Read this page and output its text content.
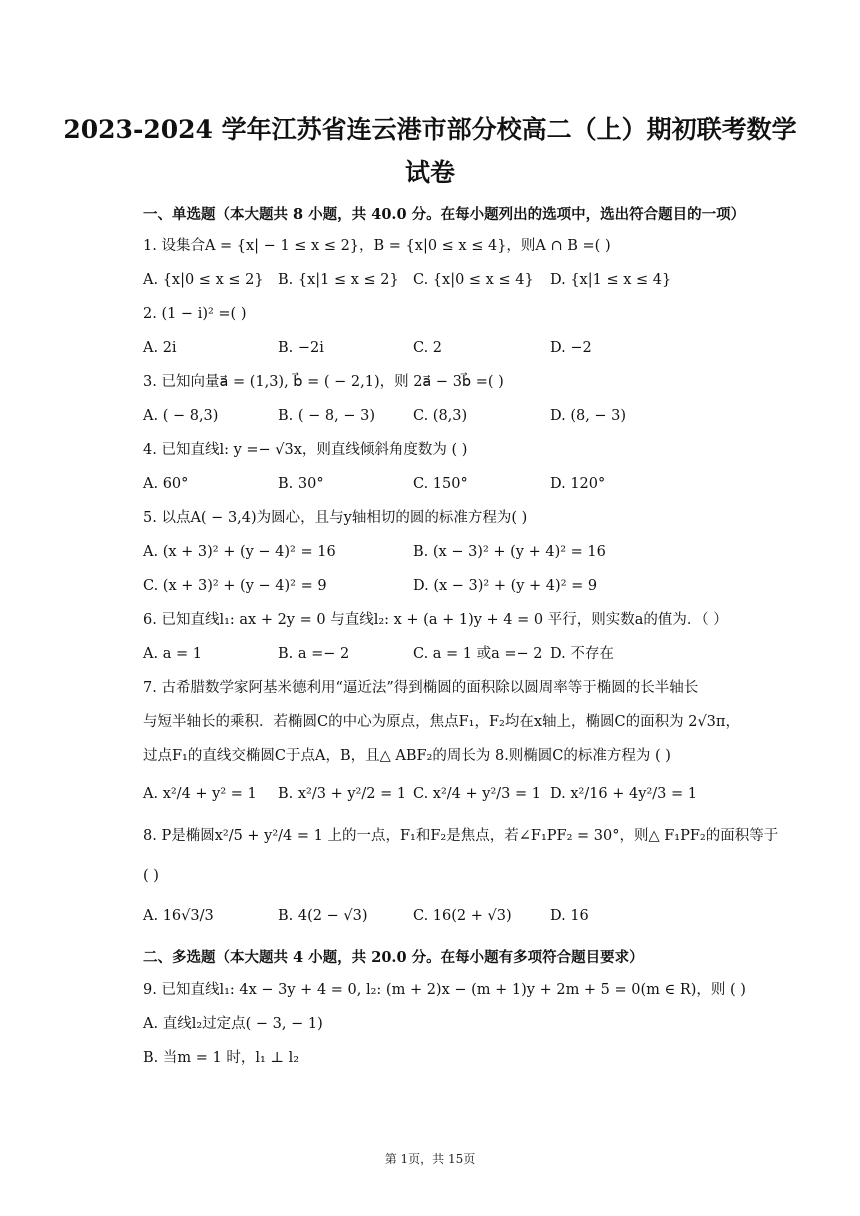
2023-2024 学年江苏省连云港市部分校高二（上）期初联考数学
试卷
一、单选题（本大题共 8 小题，共 40.0 分。在每小题列出的选项中，选出符合题目的一项）
1. 设集合A = {x| − 1 ≤ x ≤ 2}，B = {x|0 ≤ x ≤ 4}，则A ∩ B =( )
A. {x|0 ≤ x ≤ 2} B. {x|1 ≤ x ≤ 2} C. {x|0 ≤ x ≤ 4} D. {x|1 ≤ x ≤ 4}
2. (1 − i)² =( )
A. 2i	B. −2i	C. 2	D. −2
3. 已知向量a⃗ = (1,3), b⃗ = ( − 2,1)，则 2a⃗ − 3b⃗ =( )
A. ( − 8,3)	B. ( − 8, − 3)	C. (8,3)	D. (8, − 3)
4. 已知直线l: y =− √3x，则直线倾斜角度数为 ( )
A. 60°	B. 30°	C. 150°	D. 120°
5. 以点A( − 3,4)为圆心，且与y轴相切的圆的标准方程为( )
A. (x + 3)² + (y − 4)² = 16	B. (x − 3)² + (y + 4)² = 16
C. (x + 3)² + (y − 4)² = 9	D. (x − 3)² + (y + 4)² = 9
6. 已知直线l₁: ax + 2y = 0 与直线l₂: x + (a + 1)y + 4 = 0 平行，则实数a的值为．（ ）
A. a = 1	B. a =− 2	C. a = 1 或a =− 2 D. 不存在
7. 古希腊数学家阿基米德利用“逼近法”得到椭圆的面积除以圆周率等于椭圆的长半轴长
与短半轴长的乘积．若椭圆C的中心为原点，焦点F₁，F₂均在x轴上，椭圆C的面积为 2√3π，
过点F₁的直线交椭圆C于点A，B，且△ ABF₂的周长为 8.则椭圆C的标准方程为 ( )
A. x²/4 + y² = 1 B. x²/3 + y²/2 = 1 C. x²/4 + y²/3 = 1 D. x²/16 + 4y²/3 = 1
8. P是椭圆x²/5 + y²/4 = 1 上的一点，F₁和F₂是焦点，若∠F₁PF₂ = 30°，则△ F₁PF₂的面积等于
( )
A. 16√3/3	B. 4(2 − √3)	C. 16(2 + √3)	D. 16
二、多选题（本大题共 4 小题，共 20.0 分。在每小题有多项符合题目要求）
9. 已知直线l₁: 4x − 3y + 4 = 0, l₂: (m + 2)x − (m + 1)y + 2m + 5 = 0(m ∈ R)，则 ( )
A. 直线l₂过定点( − 3, − 1)
B. 当m = 1 时，l₁ ⊥ l₂
第 1页，共 15页
